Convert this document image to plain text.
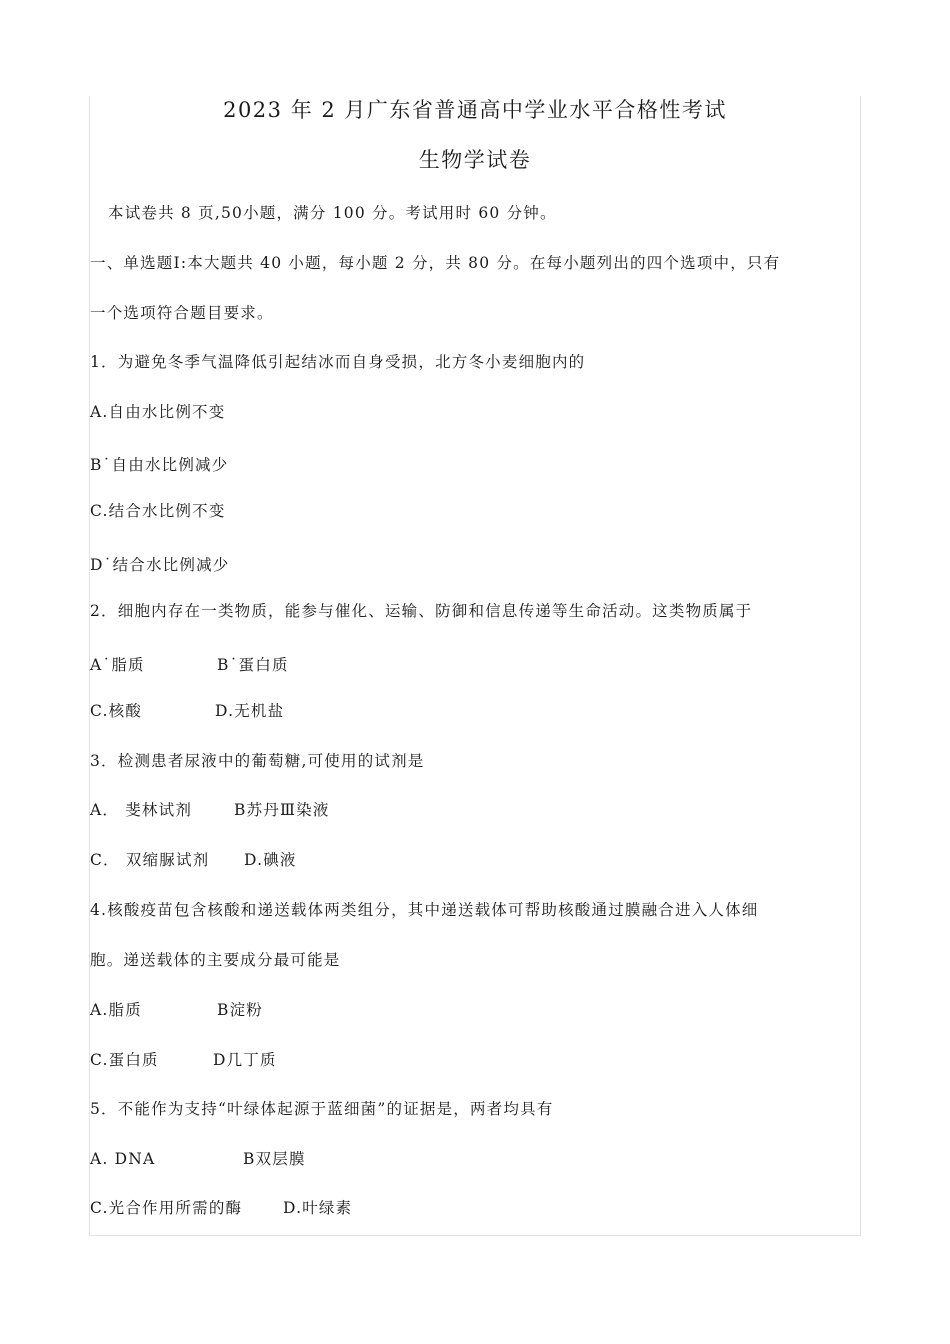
2023 年 2 月广东省普通高中学业水平合格性考试
生物学试卷
本试卷共 8 页,50小题，满分 100 分。考试用时 60 分钟。
一、单选题Ⅰ:本大题共 40 小题，每小题 2 分，共 80 分。在每小题列出的四个选项中，只有
一个选项符合题目要求。
1．为避免冬季气温降低引起结冰而自身受损，北方冬小麦细胞内的
A.自由水比例不变
B˙自由水比例减少
C.结合水比例不变
D˙结合水比例减少
2．细胞内存在一类物质，能参与催化、运输、防御和信息传递等生命活动。这类物质属于
A˙脂质	B˙蛋白质
C.核酸	D.无机盐
3．检测患者尿液中的葡萄糖,可使用的试剂是
A． 斐林试剂	B苏丹Ⅲ染液
C． 双缩脲试剂 D.碘液
4.核酸疫苗包含核酸和递送载体两类组分，其中递送载体可帮助核酸通过膜融合进入人体细
胞。递送载体的主要成分最可能是
A.脂质	B淀粉
C.蛋白质	D几丁质
5．不能作为支持“叶绿体起源于蓝细菌”的证据是，两者均具有
A. DNA	B双层膜
C.光合作用所需的酶	D.叶绿素
